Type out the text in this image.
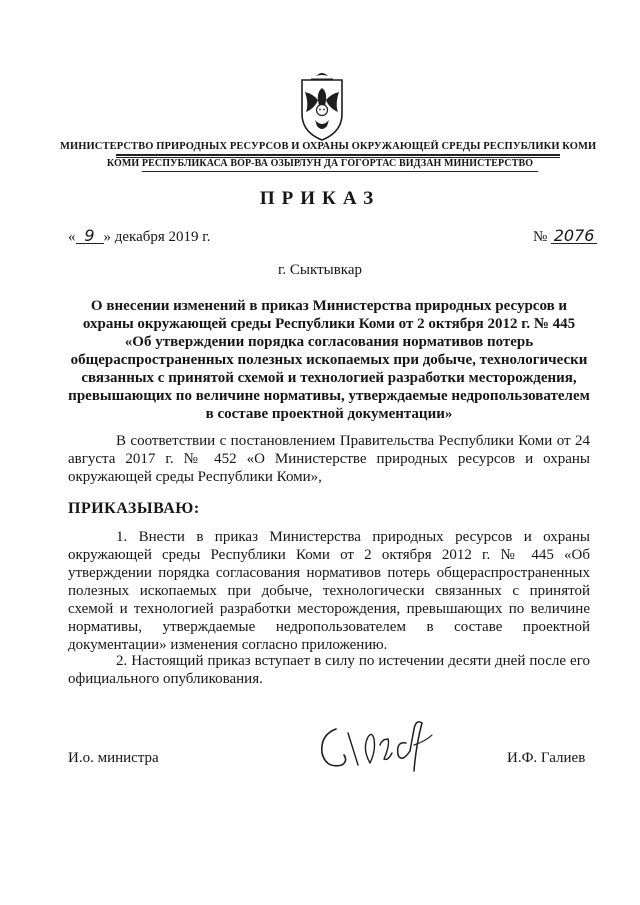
МИНИСТЕРСТВО ПРИРОДНЫХ РЕСУРСОВ И ОХРАНЫ ОКРУЖАЮЩЕЙ СРЕДЫ РЕСПУБЛИКИ КОМИ
КОМИ РЕСПУБЛИКАСА ВӦР-ВА ОЗЫРЛУН ДА ГӦГӦРТАС ВИДЗАН МИНИСТЕРСТВО
ПРИКАЗ
« 9 » декабря 2019 г.	№ 2076
г. Сыктывкар
О внесении изменений в приказ Министерства природных ресурсов и охраны окружающей среды Республики Коми от 2 октября 2012 г. № 445 «Об утверждении порядка согласования нормативов потерь общераспространенных полезных ископаемых при добыче, технологически связанных с принятой схемой и технологией разработки месторождения, превышающих по величине нормативы, утверждаемые недропользователем в составе проектной документации»
В соответствии с постановлением Правительства Республики Коми от 24 августа 2017 г. № 452 «О Министерстве природных ресурсов и охраны окружающей среды Республики Коми»,
ПРИКАЗЫВАЮ:
1. Внести в приказ Министерства природных ресурсов и охраны окружающей среды Республики Коми от 2 октября 2012 г. № 445 «Об утверждении порядка согласования нормативов потерь общераспространенных полезных ископаемых при добыче, технологически связанных с принятой схемой и технологией разработки месторождения, превышающих по величине нормативы, утверждаемые недропользователем в составе проектной документации» изменения согласно приложению.
2. Настоящий приказ вступает в силу по истечении десяти дней после его официального опубликования.
И.о. министра	И.Ф. Галиев
